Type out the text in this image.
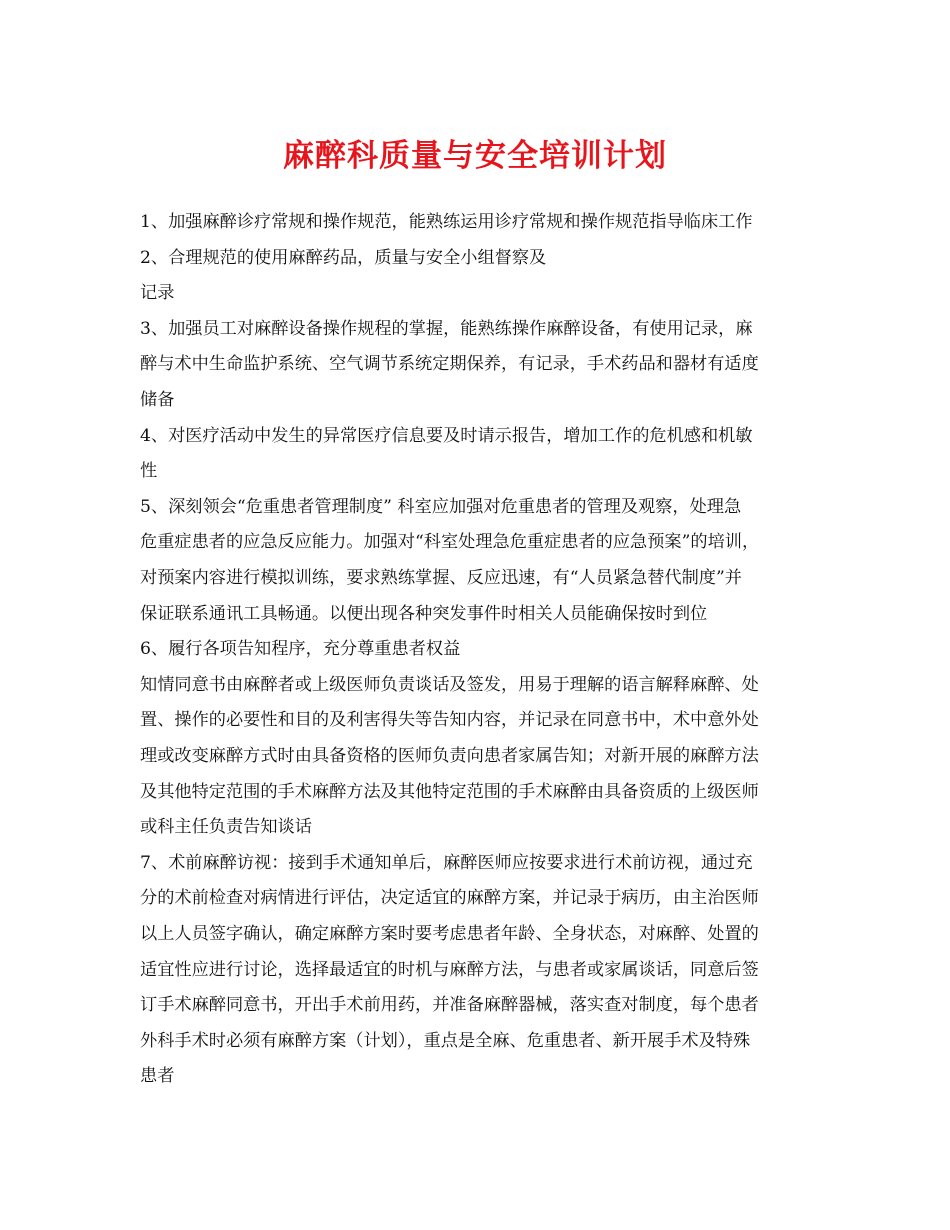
麻醉科质量与安全培训计划
1、加强麻醉诊疗常规和操作规范，能熟练运用诊疗常规和操作规范指导临床工作
2、合理规范的使用麻醉药品，质量与安全小组督察及
记录
3、加强员工对麻醉设备操作规程的掌握，能熟练操作麻醉设备，有使用记录，麻
醉与术中生命监护系统、空气调节系统定期保养，有记录，手术药品和器材有适度
储备
4、对医疗活动中发生的异常医疗信息要及时请示报告，增加工作的危机感和机敏
性
5、深刻领会“危重患者管理制度” 科室应加强对危重患者的管理及观察，处理急
危重症患者的应急反应能力。加强对“科室处理急危重症患者的应急预案”的培训，
对预案内容进行模拟训练，要求熟练掌握、反应迅速，有“人员紧急替代制度”并
保证联系通讯工具畅通。以便出现各种突发事件时相关人员能确保按时到位
6、履行各项告知程序，充分尊重患者权益
知情同意书由麻醉者或上级医师负责谈话及签发，用易于理解的语言解释麻醉、处
置、操作的必要性和目的及利害得失等告知内容，并记录在同意书中，术中意外处
理或改变麻醉方式时由具备资格的医师负责向患者家属告知；对新开展的麻醉方法
及其他特定范围的手术麻醉方法及其他特定范围的手术麻醉由具备资质的上级医师
或科主任负责告知谈话
7、术前麻醉访视：接到手术通知单后，麻醉医师应按要求进行术前访视，通过充
分的术前检查对病情进行评估，决定适宜的麻醉方案，并记录于病历，由主治医师
以上人员签字确认，确定麻醉方案时要考虑患者年龄、全身状态，对麻醉、处置的
适宜性应进行讨论，选择最适宜的时机与麻醉方法，与患者或家属谈话，同意后签
订手术麻醉同意书，开出手术前用药，并准备麻醉器械，落实查对制度，每个患者
外科手术时必须有麻醉方案（计划），重点是全麻、危重患者、新开展手术及特殊
患者
